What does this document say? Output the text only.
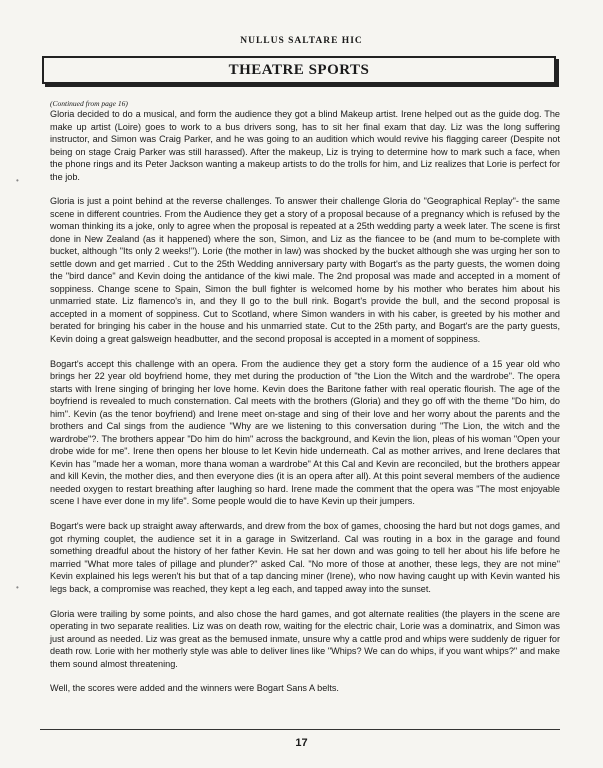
NULLUS SALTARE HIC
THEATRE SPORTS
(Continued from page 16)

Gloria decided to do a musical, and form the audience they got a blind Makeup artist. Irene helped out as the guide dog. The make up artist (Loire) goes to work to a bus drivers song, has to sit her final exam that day. Liz was the long suffering instructor, and Simon was Craig Parker, and he was going to an audition which would revive his flagging career (Despite not being on stage Craig Parker was still harassed). After the makeup, Liz is trying to determine how to mark such a face, when the phone rings and its Peter Jackson wanting a makeup artists to do the trolls for him, and Liz realizes that Lorie is perfect for the job.

Gloria is just a point behind at the reverse challenges. To answer their challenge Gloria do "Geographical Replay"- the same scene in different countries. From the Audience they get a story of a proposal because of a pregnancy which is refused by the woman thinking its a joke, only to agree when the proposal is repeated at a 25th wedding party a week later. The scene is first done in New Zealand (as it happened) where the son, Simon, and Liz as the fiancee to be (and mum to be-complete with bucket, although "Its only 2 weeks!"). Lorie (the mother in law) was shocked by the bucket although she was urging her son to settle down and get married . Cut to the 25th Wedding anniversary party with Bogart's as the party guests, the women doing the "bird dance" and Kevin doing the antidance of the kiwi male. The 2nd proposal was made and accepted in a moment of soppiness. Change scene to Spain, Simon the bull fighter is welcomed home by his mother who berates him about his unmarried state. Liz flamenco's in, and they ll go to the bull rink. Bogart's provide the bull, and the second proposal is accepted in a moment of soppiness. Cut to Scotland, where Simon wanders in with his caber, is greeted by his mother and berated for bringing his caber in the house and his unmarried state. Cut to the 25th party, and Bogart's are the party guests, Kevin doing a great galsweign headbutter, and the second proposal is accepted in a moment of soppiness.

Bogart's accept this challenge with an opera. From the audience they get a story form the audience of a 15 year old who brings her 22 year old boyfriend home, they met during the production of "the Lion the Witch and the wardrobe". The opera starts with Irene singing of bringing her love home. Kevin does the Baritone father with real operatic flourish. The age of the boyfriend is revealed to much consternation. Cal meets with the brothers (Gloria) and they go off with the theme "Do him, do him". Kevin (as the tenor boyfriend) and Irene meet on-stage and sing of their love and her worry about the parents and the brothers and Cal sings from the audience "Why are we listening to this conversation during "The Lion, the witch and the wardrobe"?. The brothers appear "Do him do him" across the background, and Kevin the lion, pleas of his woman "Open your drobe wide for me". Irene then opens her blouse to let Kevin hide underneath. Cal as mother arrives, and Irene declares that Kevin has "made her a woman, more thana woman a wardrobe" At this Cal and Kevin are reconciled, but the brothers appear and kill Kevin, the mother dies, and then everyone dies (it is an opera after all). At this point several members of the audience needed oxygen to restart breathing after laughing so hard. Irene made the comment that the opera was "The most enjoyable scene I have ever done in my life". Some people would die to have Kevin up their jumpers.

Bogart's were back up straight away afterwards, and drew from the box of games, choosing the hard but not dogs games, and got rhyming couplet, the audience set it in a garage in Switzerland. Cal was routing in a box in the garage and found something dreadful about the history of her father Kevin. He sat her down and was going to tell her about his life before he married "What more tales of pillage and plunder?" asked Cal. "No more of those at another, these legs, they are not mine" Kevin explained his legs weren't his but that of a tap dancing miner (Irene), who now having caught up with Kevin wanted his legs back, a compromise was reached, they kept a leg each, and tapped away into the sunset.

Gloria were trailing by some points, and also chose the hard games, and got alternate realities (the players in the scene are operating in two separate realities. Liz was on death row, waiting for the electric chair, Lorie was a dominatrix, and Simon was just around as needed. Liz was great as the bemused inmate, unsure why a cattle prod and whips were suddenly de riguer for death row. Lorie with her motherly style was able to deliver lines like "Whips? We can do whips, if you want whips?" and make them sound almost threatening.

Well, the scores were added and the winners were Bogart Sans A belts.

•
•
17
